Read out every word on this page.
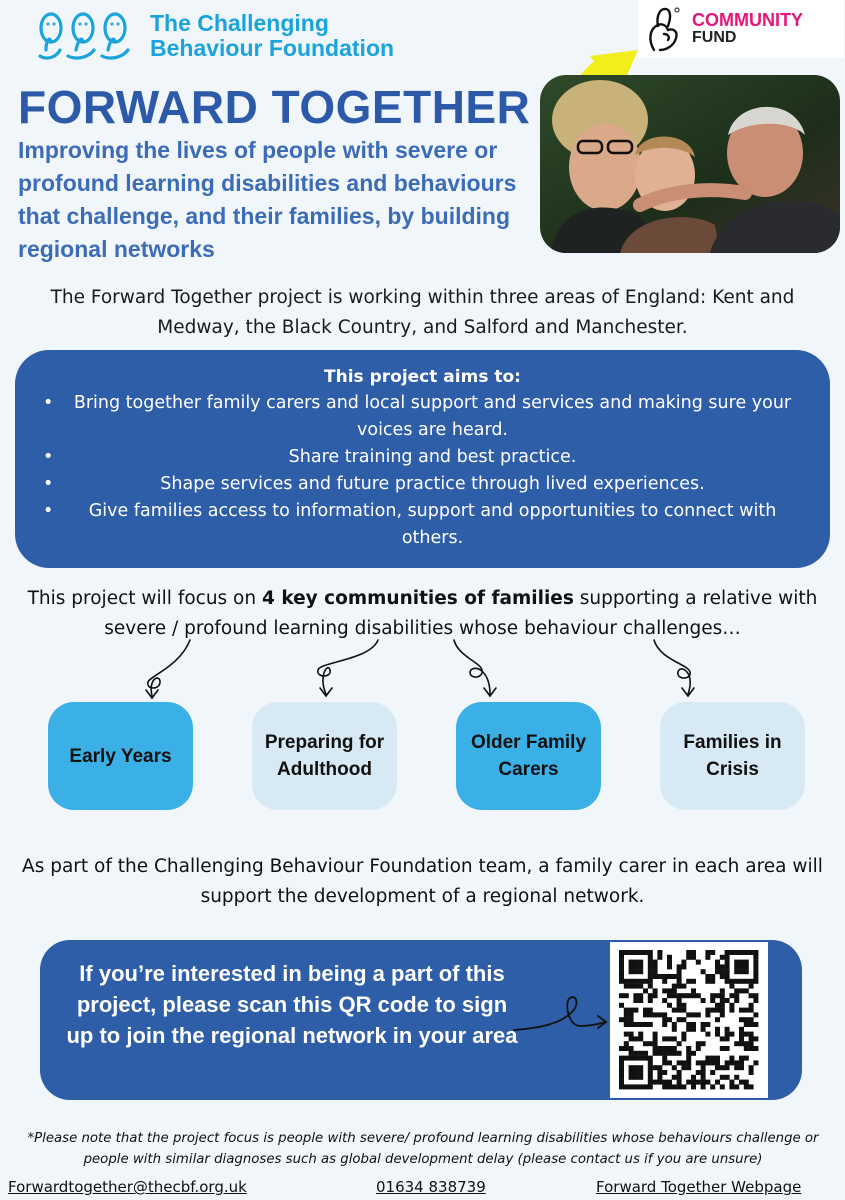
The Challenging
Behaviour Foundation
COMMUNITY
FUND
FORWARD TOGETHER

Improving the lives of people with severe or profound learning disabilities and behaviours that challenge, and their families, by building regional networks

The Forward Together project is working within three areas of England: Kent and Medway, the Black Country, and Salford and Manchester.

This project aims to:
• Bring together family carers and local support and services and making sure your voices are heard.
•	Share training and best practice.
•	Shape services and future practice through lived experiences.
• Give families access to information, support and opportunities to connect with others.

This project will focus on 4 key communities of families supporting a relative with severe / profound learning disabilities whose behaviour challenges…

Early Years
Preparing for Adulthood
Older Family Carers
Families in Crisis

As part of the Challenging Behaviour Foundation team, a family carer in each area will support the development of a regional network.

If you’re interested in being a part of this project, please scan this QR code to sign up to join the regional network in your area

*Please note that the project focus is people with severe/ profound learning disabilities whose behaviours challenge or people with similar diagnoses such as global development delay (please contact us if you are unsure)

Forwardtogether@thecbf.org.uk	01634 838739	Forward Together Webpage
